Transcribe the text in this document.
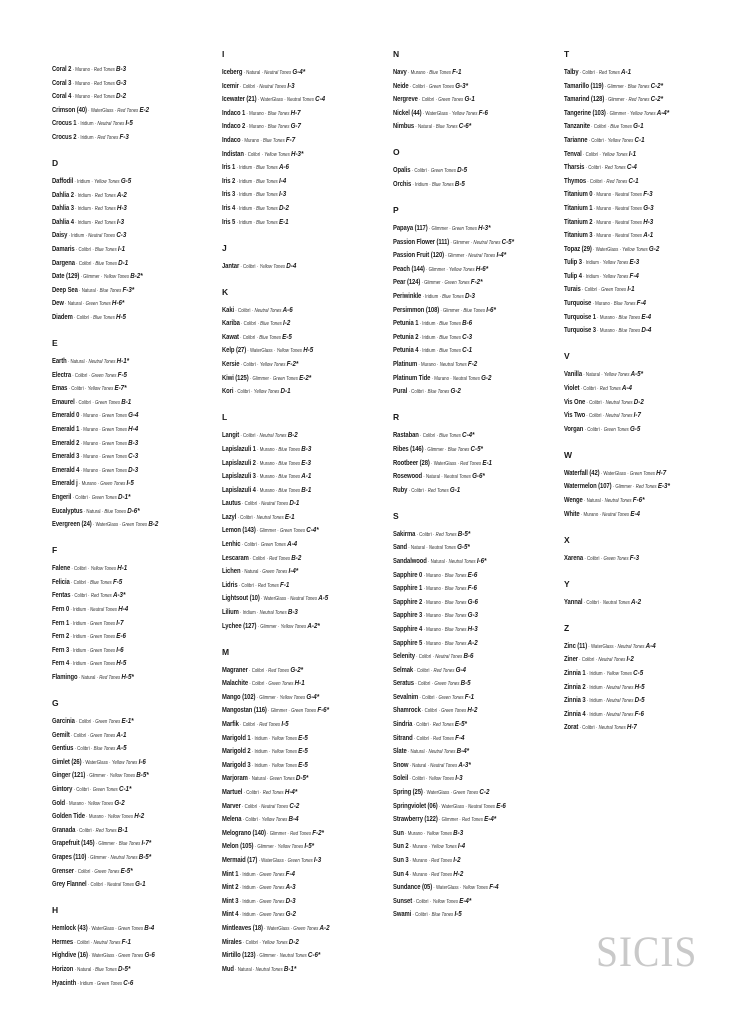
Coral 2 · Murano · Red Tones B-3
Coral 3 · Murano · Red Tones G-3
Coral 4 · Murano · Red Tones D-2
Crimson (40) · WaterGlass · Red Tones E-2
Crocus 1 · Iridium · Neutral Tones I-5
Crocus 2 · Iridium · Red Tones F-3
D
Daffodil · Iridium · Yellow Tones G-5
Dahlia 2 · Iridium · Red Tones A-2
Dahlia 3 · Iridium · Red Tones H-3
Dahlia 4 · Iridium · Red Tones I-3
Daisy · Iridium · Neutral Tones C-3
Damaris · Colibrì · Blue Tones I-1
Dargena · Colibrì · Blue Tones D-1
Date (129) · Glimmer · Yellow Tones B-2*
Deep Sea · Natural · Blue Tones F-3*
Dew · Natural · Green Tones H-6*
Diadem · Colibrì · Blue Tones H-5
E
Earth · Natural · Neutral Tones H-1*
Electra · Colibrì · Green Tones F-5
Emas · Colibrì · Yellow Tones E-7*
Emaurel · Colibrì · Green Tones B-1
Emerald 0 · Murano · Green Tones G-4
Emerald 1 · Murano · Green Tones H-4
Emerald 2 · Murano · Green Tones B-3
Emerald 3 · Murano · Green Tones C-3
Emerald 4 · Murano · Green Tones D-3
Emerald j · Murano · Green Tones I-5
Engeril · Colibrì · Green Tones D-1*
Eucalyptus · Natural · Blue Tones D-6*
Evergreen (24) · WaterGlass · Green Tones B-2
F
Falene · Colibrì · Yellow Tones H-1
Felicia · Colibrì · Blue Tones F-5
Fentas · Colibrì · Red Tones A-3*
Fern 0 · Iridium · Neutral Tones H-4
Fern 1 · Iridium · Green Tones I-7
Fern 2 · Iridium · Green Tones E-6
Fern 3 · Iridium · Green Tones I-6
Fern 4 · Iridium · Green Tones H-5
Flamingo · Natural · Red Tones H-5*
G
Garcinia · Colibrì · Green Tones E-1*
Gemilt · Colibrì · Green Tones A-1
Gentius · Colibrì · Blue Tones A-5
Gimlet (26) · WaterGlass · Yellow Tones I-6
Ginger (121) · Glimmer · Yellow Tones B-5*
Gintory · Colibrì · Green Tones C-1*
Gold · Murano · Yellow Tones G-2
Golden Tide · Murano · Yellow Tones H-2
Granada · Colibrì · Red Tones B-1
Grapefruit (145) · Glimmer · Blue Tones I-7*
Grapes (110) · Glimmer · Neutral Tones B-5*
Grenser · Colibrì · Green Tones E-5*
Grey Flannel · Colibrì · Neutral Tones G-1
H
Hemlock (43) · WaterGlass · Green Tones B-4
Hermes · Colibrì · Neutral Tones F-1
Highdive (16) · WaterGlass · Green Tones G-6
Horizon · Natural · Blue Tones D-5*
Hyacinth · Iridium · Green Tones C-6
I
Iceberg · Natural · Neutral Tones G-4*
Icemir · Colibrì · Neutral Tones I-3
Icewater (21) · WaterGlass · Neutral Tones C-4
Indaco 1 · Murano · Blue Tones H-7
Indaco 2 · Murano · Blue Tones G-7
Indaco · Murano · Blue Tones F-7
Indistan · Colibrì · Yellow Tones H-3*
Iris 1 · Iridium · Blue Tones A-6
Iris 2 · Iridium · Blue Tones I-4
Iris 3 · Iridium · Blue Tones I-3
Iris 4 · Iridium · Blue Tones D-2
Iris 5 · Iridium · Blue Tones E-1
J
Jantar · Colibrì · Yellow Tones D-4
K
Kaki · Colibrì · Neutral Tones A-6
Kariba · Colibrì · Blue Tones I-2
Kawat · Colibrì · Blue Tones E-5
Kelp (27) · WaterGlass · Yellow Tones H-5
Kersie · Colibrì · Yellow Tones F-2*
Kiwi (125) · Glimmer · Green Tones E-2*
Kori · Colibrì · Yellow Tones D-1
L
Langit · Colibrì · Neutral Tones B-2
Lapislazuli 1 · Murano · Blue Tones B-3
Lapislazuli 2 · Murano · Blue Tones E-3
Lapislazuli 3 · Murano · Blue Tones A-1
Lapislazuli 4 · Murano · Blue Tones B-1
Lautus · Colibrì · Neutral Tones D-1
Lazyl · Colibrì · Neutral Tones E-1
Lemon (143) · Glimmer · Green Tones C-4*
Lenhic · Colibrì · Green Tones A-4
Lescaram · Colibrì · Red Tones B-2
Lichen · Natural · Green Tones I-4*
Lidris · Colibrì · Red Tones F-1
Lightsout (10) · WaterGlass · Neutral Tones A-5
Lilium · Iridium · Neutral Tones B-3
Lychee (127) · Glimmer · Yellow Tones A-2*
M
Magraner · Colibrì · Red Tones G-2*
Malachite · Colibrì · Green Tones H-1
Mango (102) · Glimmer · Yellow Tones G-4*
Mangostan (116) · Glimmer · Green Tones F-6*
Marfik · Colibrì · Red Tones I-5
Marigold 1 · Iridium · Yellow Tones E-5
Marigold 2 · Iridium · Yellow Tones E-5
Marigold 3 · Iridium · Yellow Tones E-5
Marjoram · Natural · Green Tones D-5*
Martuel · Colibrì · Red Tones H-4*
Marver · Colibrì · Neutral Tones C-2
Melena · Colibrì · Yellow Tones B-4
Melograno (140) · Glimmer · Red Tones F-2*
Melon (105) · Glimmer · Yellow Tones I-5*
Mermaid (17) · WaterGlass · Green Tones I-3
Mint 1 · Iridium · Green Tones F-4
Mint 2 · Iridium · Green Tones A-3
Mint 3 · Iridium · Green Tones D-3
Mint 4 · Iridium · Green Tones G-2
Mintleaves (18) · WaterGlass · Green Tones A-2
Mirales · Colibrì · Yellow Tones D-2
Mirtillo (123) · Glimmer · Neutral Tones C-6*
Mud · Natural · Neutral Tones B-1*
N
Navy · Murano · Blue Tones F-1
Neide · Colibrì · Green Tones G-3*
Nergreve · Colibrì · Green Tones G-1
Nickel (44) · WaterGlass · Yellow Tones F-6
Nimbus · Natural · Blue Tones C-6*
O
Opalis · Colibrì · Green Tones D-5
Orchis · Iridium · Blue Tones B-5
P
Papaya (117) · Glimmer · Green Tones H-3*
Passion Flower (111) · Glimmer · Neutral Tones C-5*
Passion Fruit (120) · Glimmer · Neutral Tones I-4*
Peach (144) · Glimmer · Yellow Tones H-6*
Pear (124) · Glimmer · Green Tones F-2*
Periwinkle · Iridium · Blue Tones D-3
Persimmon (108) · Glimmer · Blue Tones I-6*
Petunia 1 · Iridium · Blue Tones B-6
Petunia 2 · Iridium · Blue Tones C-3
Petunia 4 · Iridium · Blue Tones C-1
Platinum · Murano · Neutral Tones F-2
Platinum Tide · Murano · Neutral Tones G-2
Pural · Colibrì · Blue Tones G-2
R
Rastaban · Colibrì · Blue Tones C-4*
Ribes (146) · Glimmer · Blue Tones C-5*
Rootbeer (28) · WaterGlass · Red Tones E-1
Rosewood · Natural · Neutral Tones G-6*
Ruby · Colibrì · Red Tones G-1
S
Sakirma · Colibrì · Red Tones B-5*
Sand · Natural · Neutral Tones G-5*
Sandalwood · Natural · Neutral Tones I-6*
Sapphire 0 · Murano · Blue Tones E-6
Sapphire 1 · Murano · Blue Tones F-6
Sapphire 2 · Murano · Blue Tones G-6
Sapphire 3 · Murano · Blue Tones G-3
Sapphire 4 · Murano · Blue Tones H-3
Sapphire 5 · Murano · Blue Tones A-2
Selenity · Colibrì · Neutral Tones B-6
Selmak · Colibrì · Red Tones G-4
Seratus · Colibrì · Green Tones B-5
Sevalnim · Colibrì · Green Tones F-1
Shamrock · Colibrì · Green Tones H-2
Sindria · Colibrì · Red Tones E-5*
Sitrand · Colibrì · Red Tones F-4
Slate · Natural · Neutral Tones B-4*
Snow · Natural · Neutral Tones A-3*
Soleil · Colibrì · Yellow Tones I-3
Spring (25) · WaterGlass · Green Tones C-2
Springviolet (06) · WaterGlass · Neutral Tones E-6
Strawberry (122) · Glimmer · Red Tones E-4*
Sun · Murano · Yellow Tones B-3
Sun 2 · Murano · Yellow Tones I-4
Sun 3 · Murano · Red Tones I-2
Sun 4 · Murano · Red Tones H-2
Sundance (05) · WaterGlass · Yellow Tones F-4
Sunset · Colibrì · Yellow Tones E-4*
Swami · Colibrì · Blue Tones I-5
T
Talby · Colibrì · Red Tones A-1
Tamarillo (119) · Glimmer · Blue Tones C-2*
Tamarind (128) · Glimmer · Red Tones C-2*
Tangerine (103) · Glimmer · Yellow Tones A-4*
Tanzanite · Colibrì · Blue Tones G-1
Tarianne · Colibrì · Yellow Tones C-1
Tenval · Colibrì · Yellow Tones I-1
Tharsis · Colibrì · Red Tones C-4
Thymos · Colibrì · Red Tones C-1
Titanium 0 · Murano · Neutral Tones F-3
Titanium 1 · Murano · Neutral Tones G-3
Titanium 2 · Murano · Neutral Tones H-3
Titanium 3 · Murano · Neutral Tones A-1
Topaz (29) · WaterGlass · Yellow Tones G-2
Tulip 3 · Iridium · Yellow Tones E-3
Tulip 4 · Iridium · Yellow Tones F-4
Turais · Colibrì · Green Tones I-1
Turquoise · Murano · Blue Tones F-4
Turquoise 1 · Murano · Blue Tones E-4
Turquoise 3 · Murano · Blue Tones D-4
V
Vanilla · Natural · Yellow Tones A-5*
Violet · Colibrì · Red Tones A-4
Vis One · Colibrì · Neutral Tones D-2
Vis Two · Colibrì · Neutral Tones I-7
Vorgan · Colibrì · Green Tones G-5
W
Waterfall (42) · WaterGlass · Green Tones H-7
Watermelon (107) · Glimmer · Red Tones E-3*
Wenge · Natural · Neutral Tones F-6*
White · Murano · Neutral Tones E-4
X
Xarena · Colibrì · Green Tones F-3
Y
Yannal · Colibrì · Neutral Tones A-2
Z
Zinc (11) · WaterGlass · Neutral Tones A-4
Ziner · Colibrì · Neutral Tones I-2
Zinnia 1 · Iridium · Yellow Tones C-5
Zinnia 2 · Iridium · Neutral Tones H-5
Zinnia 3 · Iridium · Neutral Tones D-5
Zinnia 4 · Iridium · Neutral Tones F-6
Zorat · Colibrì · Neutral Tones H-7
SICIS
